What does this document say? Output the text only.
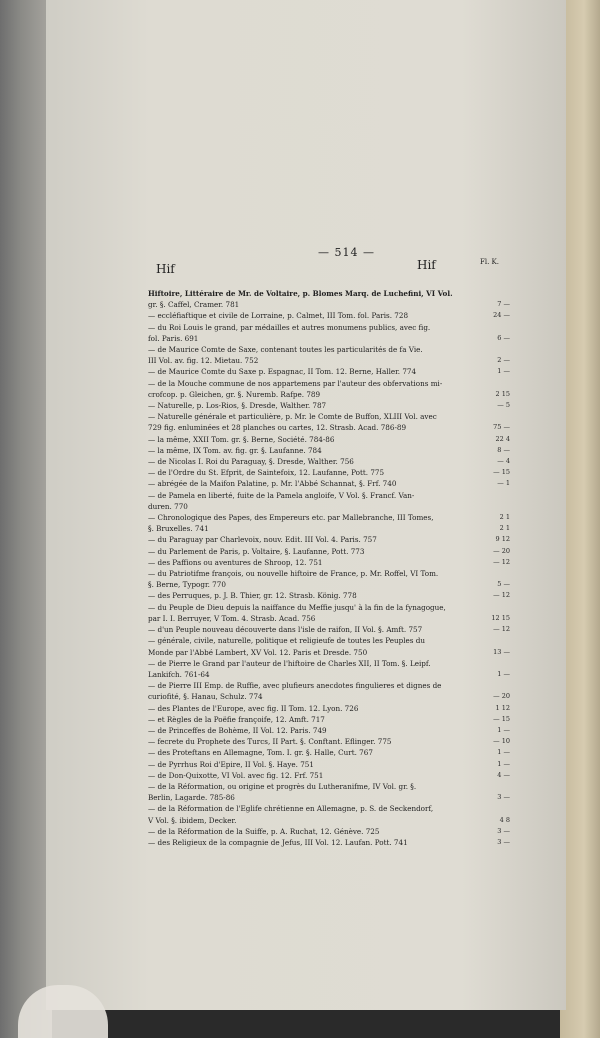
— 514 —
Hif	Hif	Fl. K.
Hiftoire, Littéraire de Mr. de Voltaire, p. Blomes Marq. de Luchefini, VI Vol.
gr. §. Caffel, Cramer. 781	7 —
— eccléfiaftique et civile de Lorraine, p. Calmet, III Tom. fol. Paris. 728	24 —
— du Roi Louis le grand, par médailles et autres monumens publics, avec fig.
fol. Paris. 691	6 —
— de Maurice Comte de Saxe, contenant toutes les particularités de fa Vie.
III Vol. av. fig. 12. Mietau. 752	2 —
— de Maurice Comte du Saxe p. Espagnac, II Tom. 12. Berne, Haller. 774	1 —
— de la Mouche commune de nos appartemens par l'auteur des obfervations mi-
crofcop. p. Gleichen, gr. §. Nuremb. Rafpe. 789	2 15
— Naturelle, p. Los-Rios, §. Dresde, Walther. 787	— 5
— Naturelle générale et particulière, p. Mr. le Comte de Buffon, XLIII Vol. avec
729 fig. enluminées et 28 planches ou cartes, 12. Strasb. Acad. 786-89	75 —
— la même, XXII Tom. gr. §. Berne, Société. 784-86	22 4
— la même, IX Tom. av. fig. gr. §. Laufanne. 784	8 —
— de Nicolas I. Roi du Paraguay, §. Dresde, Walther. 756	— 4
— de l'Ordre du St. Efprit, de Saintefoix, 12. Laufanne, Pott. 775	— 15
— abrégée de la Maifon Palatine, p. Mr. l'Abbé Schannat, §. Frf. 740	— 1
— de Pamela en liberté, fuite de la Pamela angloife, V Vol. §. Francf. Van-
duren. 770
— Chronologique des Papes, des Empereurs etc. par Mallebranche, III Tomes,	2 1
§. Bruxelles. 741	2 1
— du Paraguay par Charlevoix, nouv. Edit. III Vol. 4. Paris. 757	9 12
— du Parlement de Paris, p. Voltaire, §. Laufanne, Pott. 773	— 20
— des Paffions ou aventures de Shroop, 12. 751	— 12
— du Patriotifme françois, ou nouvelle hiftoire de France, p. Mr. Roffel, VI Tom.
§. Berne, Typogr. 770	5 —
— des Perruques, p. J. B. Thier, gr. 12. Strasb. König. 778	— 12
— du Peuple de Dieu depuis la naiffance du Meffie jusqu' à la fin de la fynagogue,
par I. I. Berruyer, V Tom. 4. Strasb. Acad. 756	12 15
— d'un Peuple nouveau découverte dans l'isle de raifon, II Vol. §. Amft. 757	— 12
— générale, civile, naturelle, politique et religieufe de toutes les Peuples du
Monde par l'Abbé Lambert, XV Vol. 12. Paris et Dresde. 750	13 —
— de Pierre le Grand par l'auteur de l'hiftoire de Charles XII, II Tom. §. Leipf.
Lankifch. 761-64	1 —
— de Pierre III Emp. de Ruffie, avec plufieurs anecdotes fingulieres et dignes de
curiofité, §. Hanau, Schulz. 774	— 20
— des Plantes de l'Europe, avec fig. II Tom. 12. Lyon. 726	1 12
— et Règles de la Poëfie françoife, 12. Amft. 717	— 15
— de Princeffes de Bohème, II Vol. 12. Paris. 749	1 —
— fecrete du Prophete des Turcs, II Part. §. Conftant. Eflinger. 775	— 10
— des Proteftans en Allemagne, Tom. I. gr. §. Halle, Curt. 767	1 —
— de Pyrrhus Roi d'Epire, II Vol. §. Haye. 751	1 —
— de Don-Quixotte, VI Vol. avec fig. 12. Frf. 751	4 —
— de la Réformation, ou origine et progrès du Lutheranifme, IV Vol. gr. §.
Berlin, Lagarde. 785-86	3 —
— de la Réformation de l'Eglife chrétienne en Allemagne, p. S. de Seckendorf,
V Vol. §. ibidem, Decker.	4 8
— de la Réformation de la Suiffe, p. A. Ruchat, 12. Génève. 725	3 —
— des Religieux de la compagnie de Jefus, III Vol. 12. Laufan. Pott. 741	3 —
